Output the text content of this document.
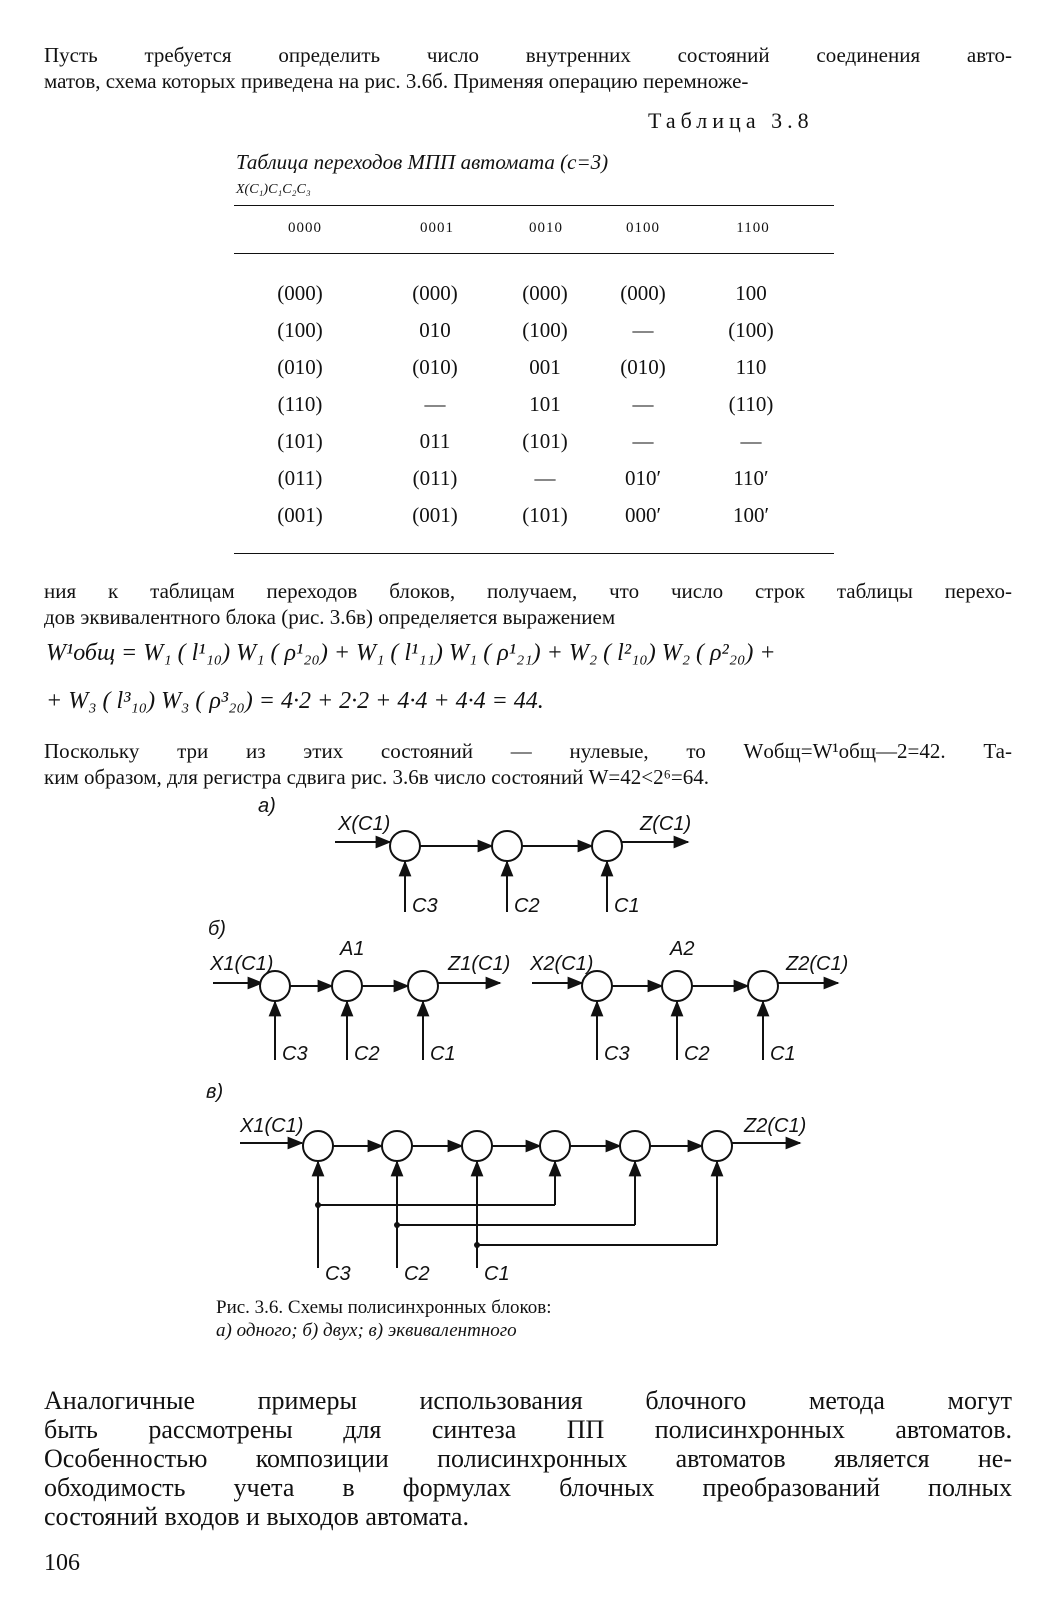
Пусть требуется определить число внутренних состояний соединения авто-
матов, схема которых приведена на рис. 3.6б. Применяя операцию перемноже-
Таблица 3.8
Таблица переходов МПП автомата (c=3)
X(C₁)C₁C₂C₃
0000	0001	0010	0100	1100
(000)	(000)	(000)	(000)	100
(100)	010	(100)	—	(100)
(010)	(010)	001	(010)	110
(110)	—	101	—	(110)
(101)	011	(101)	—	—
(011)	(011)	—	010′	110′
(001)	(001)	(101)	000′	100′
ния к таблицам переходов блоков, получаем, что число строк таблицы перехо-
дов эквивалентного блока (рис. 3.6в) определяется выражением
W¹общ = W₁ ( l¹₁₀) W₁ ( ρ¹₂₀) + W₁ ( l¹₁₁) W₁ ( ρ¹₂₁) + W₂ ( l²₁₀) W₂ ( ρ²₂₀) +
+ W₃ ( l³₁₀) W₃ ( ρ³₂₀) = 4·2 + 2·2 + 4·4 + 4·4 = 44.
Поскольку три из этих состояний — нулевые, то Wобщ=W¹общ—2=42. Та-
ким образом, для регистра сдвига рис. 3.6в число состояний W=42<2⁶=64.
а)
X(C1)	Z(C1)
C3	C2	C1
б)
X1(C1)
A1
Z1(C1)
C3 C2	C1
X2(C1)
A2
Z2(C1)
C3	C2	C1
в)
X1(C1)	Z2(C1)
C3	C2	C1
Рис. 3.6. Схемы полисинхронных блоков:
а) одного; б) двух; в) эквивалентного
Аналогичные примеры использования блочного метода могут
быть рассмотрены для синтеза ПП полисинхронных автоматов.
Особенностью композиции полисинхронных автоматов является не-
обходимость учета в формулах блочных преобразований полных
состояний входов и выходов автомата.
106
